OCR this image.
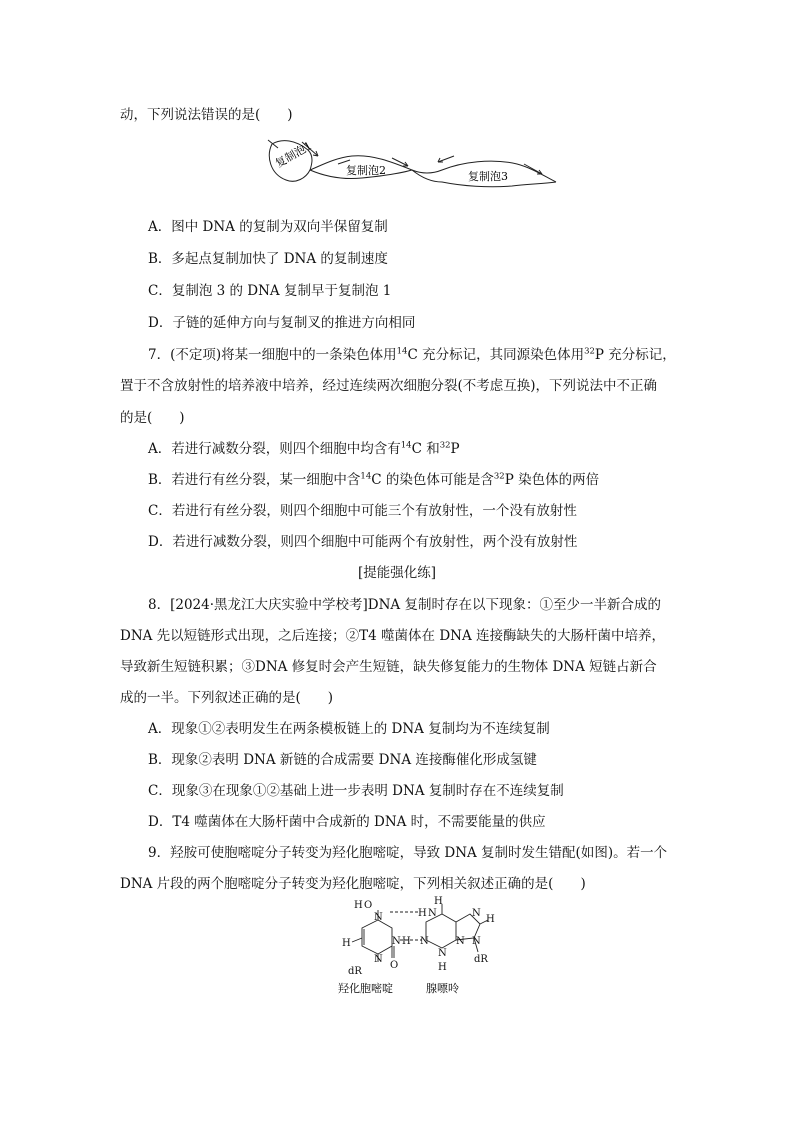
动，下列说法错误的是(　　)
复制泡1
复制泡2	复制泡3
A．图中 DNA 的复制为双向半保留复制
B．多起点复制加快了 DNA 的复制速度
C．复制泡 3 的 DNA 复制早于复制泡 1
D．子链的延伸方向与复制叉的推进方向相同
7．(不定项)将某一细胞中的一条染色体用$^{14}$C 充分标记，其同源染色体用$^{32}$P 充分标记，
置于不含放射性的培养液中培养，经过连续两次细胞分裂(不考虑互换)，下列说法中不正确
的是(　　)
A．若进行减数分裂，则四个细胞中均含有$^{14}$C 和$^{32}$P
B．若进行有丝分裂，某一细胞中含$^{14}$C 的染色体可能是含$^{32}$P 染色体的两倍
C．若进行有丝分裂，则四个细胞中可能三个有放射性，一个没有放射性
D．若进行减数分裂，则四个细胞中可能两个有放射性，两个没有放射性
[提能强化练]
8．[2024·黑龙江大庆实验中学校考]DNA 复制时存在以下现象：①至少一半新合成的
DNA 先以短链形式出现，之后连接；②T4 噬菌体在 DNA 连接酶缺失的大肠杆菌中培养，
导致新生短链积累；③DNA 修复时会产生短链，缺失修复能力的生物体 DNA 短链占新合
成的一半。下列叙述正确的是(　　)
A．现象①②表明发生在两条模板链上的 DNA 复制均为不连续复制
B．现象②表明 DNA 新链的合成需要 DNA 连接酶催化形成氢键
C．现象③在现象①②基础上进一步表明 DNA 复制时存在不连续复制
D．T4 噬菌体在大肠杆菌中合成新的 DNA 时，不需要能量的供应
9．羟胺可使胞嘧啶分子转变为羟化胞嘧啶，导致 DNA 复制时发生错配(如图)。若一个
DNA 片段的两个胞嘧啶分子转变为羟化胞嘧啶，下列相关叙述正确的是(　　)
H O	H
N	H N	N
H
N H N	N N
N
N
O
dR
dR
H
H
羟化胞嘧啶	腺嘌呤
